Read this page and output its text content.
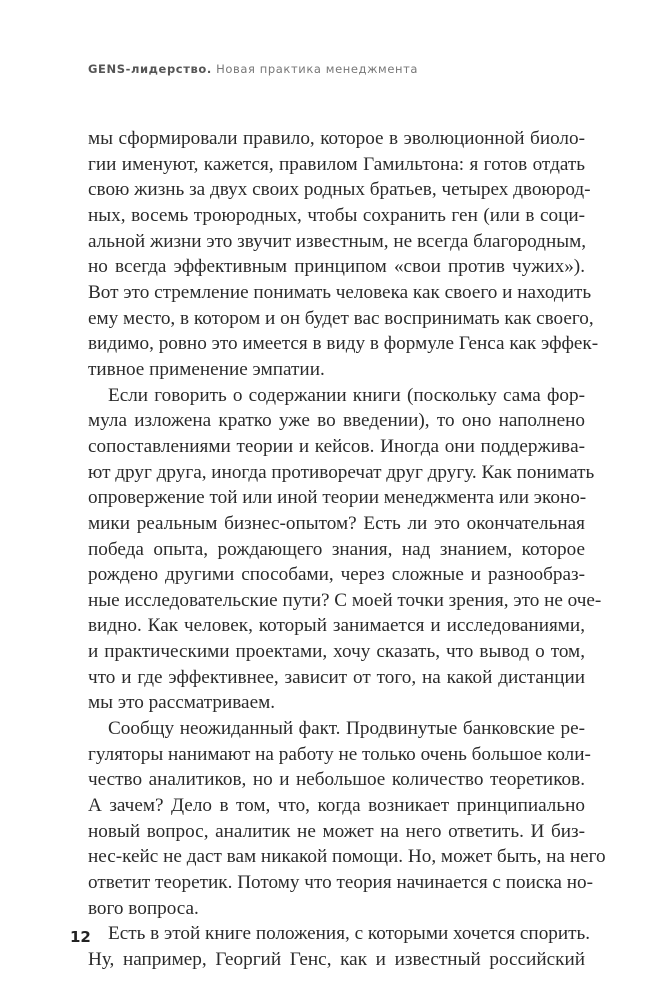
GENS-лидерство. Новая практика менеджмента
мы сформировали правило, которое в эволюционной биоло-
гии именуют, кажется, правилом Гамильтона: я готов отдать
свою жизнь за двух своих родных братьев, четырех двоюрод-
ных, восемь троюродных, чтобы сохранить ген (или в соци-
альной жизни это звучит известным, не всегда благородным,
но всегда эффективным принципом «свои против чужих»).
Вот это стремление понимать человека как своего и находить
ему место, в котором и он будет вас воспринимать как своего,
видимо, ровно это имеется в виду в формуле Генса как эффек-
тивное применение эмпатии.
Если говорить о содержании книги (поскольку сама фор-
мула изложена кратко уже во введении), то оно наполнено
сопоставлениями теории и кейсов. Иногда они поддерживa-
ют друг друга, иногда противоречат друг другу. Как понимать
опровержение той или иной теории менеджмента или эконо-
мики реальным бизнес-опытом? Есть ли это окончательная
победа опыта, рождающего знания, над знанием, которое
рождено другими способами, через сложные и разнообраз-
ные исследовательские пути? С моей точки зрения, это не оче-
видно. Как человек, который занимается и исследованиями,
и практическими проектами, хочу сказать, что вывод о том,
что и где эффективнее, зависит от того, на какой дистанции
мы это рассматриваем.
Сообщу неожиданный факт. Продвинутые банковские ре-
гуляторы нанимают на работу не только очень большое коли-
чество аналитиков, но и небольшое количество теоретиков.
А зачем? Дело в том, что, когда возникает принципиально
новый вопрос, аналитик не может на него ответить. И биз-
нес-кейс не даст вам никакой помощи. Но, может быть, на него
ответит теоретик. Потому что теория начинается с поиска но-
вого вопроса.
Есть в этой книге положения, с которыми хочется спорить.
Ну, например, Георгий Генс, как и известный российский
12
